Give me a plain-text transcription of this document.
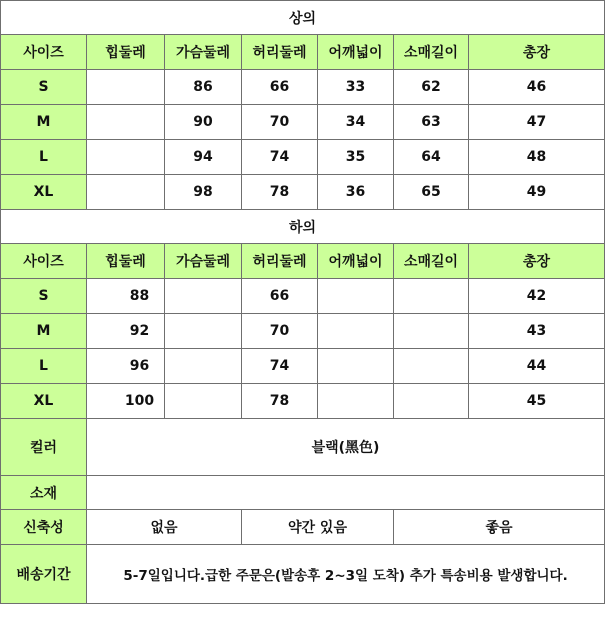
상의						
사이즈	힙둘레	가슴둘레	허리둘레	어깨넓이	소매길이	총장
S		86	66	33	62	46
M		90	70	34	63	47
L		94	74	35	64	48
XL		98	78	36	65	49
하의						
사이즈	힙둘레	가슴둘레	허리둘레	어깨넓이	소매길이	총장
S	88		66			42
M	92		70			43
L	96		74			44
XL	100		78			45
컬러	블랙(黑色)					
소재						
신축성	없음		약간 있음		좋음	
배송기간	5-7일입니다.급한 주문은(발송후 2~3일 도착) 추가 특송비용 발생합니다.					
